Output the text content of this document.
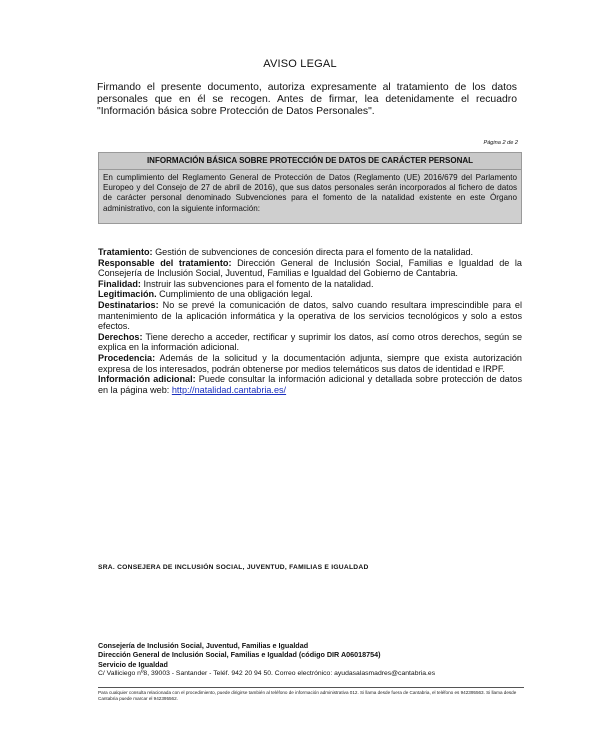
AVISO LEGAL
Firmando el presente documento, autoriza expresamente al tratamiento de los datos personales que en él se recogen. Antes de firmar, lea detenidamente el recuadro "Información básica sobre Protección de Datos Personales".
Página 2 de 2
INFORMACIÓN BÁSICA SOBRE PROTECCIÓN DE DATOS DE CARÁCTER PERSONAL
En cumplimiento del Reglamento General de Protección de Datos (Reglamento (UE) 2016/679 del Parlamento Europeo y del Consejo de 27 de abril de 2016), que sus datos personales serán incorporados al fichero de datos de carácter personal denominado Subvenciones para el fomento de la natalidad existente en este Órgano administrativo, con la siguiente información:

Tratamiento: Gestión de subvenciones de concesión directa para el fomento de la natalidad.

Responsable del tratamiento: Dirección General de Inclusión Social, Familias e Igualdad de la Consejería de Inclusión Social, Juventud, Familias e Igualdad del Gobierno de Cantabria.

Finalidad: Instruir las subvenciones para el fomento de la natalidad.

Legitimación. Cumplimiento de una obligación legal.

Destinatarios: No se prevé la comunicación de datos, salvo cuando resultara imprescindible para el mantenimiento de la aplicación informática y la operativa de los servicios tecnológicos y solo a estos efectos.

Derechos: Tiene derecho a acceder, rectificar y suprimir los datos, así como otros derechos, según se explica en la información adicional.

Procedencia: Además de la solicitud y la documentación adjunta, siempre que exista autorización expresa de los interesados, podrán obtenerse por medios telemáticos sus datos de identidad e IRPF.

Información adicional: Puede consultar la información adicional y detallada sobre protección de datos en la página web: http://natalidad.cantabria.es/

SRA. CONSEJERA DE INCLUSIÓN SOCIAL, JUVENTUD, FAMILIAS E IGUALDAD
Consejería de Inclusión Social, Juventud, Familias e Igualdad
Dirección General de Inclusión Social, Familias e Igualdad (código DIR A06018754)
Servicio de Igualdad
C/ Valliciego nº8, 39003 - Santander - Teléf. 942 20 94 50. Correo electrónico: ayudasalasmadres@cantabria.es
Para cualquier consulta relacionada con el procedimiento, puede dirigirse también al teléfono de información administrativa 012. Si llama desde fuera de Cantabria, el teléfono es 942395563. Si llama desde Cantabria puede marcar el 942395562.
